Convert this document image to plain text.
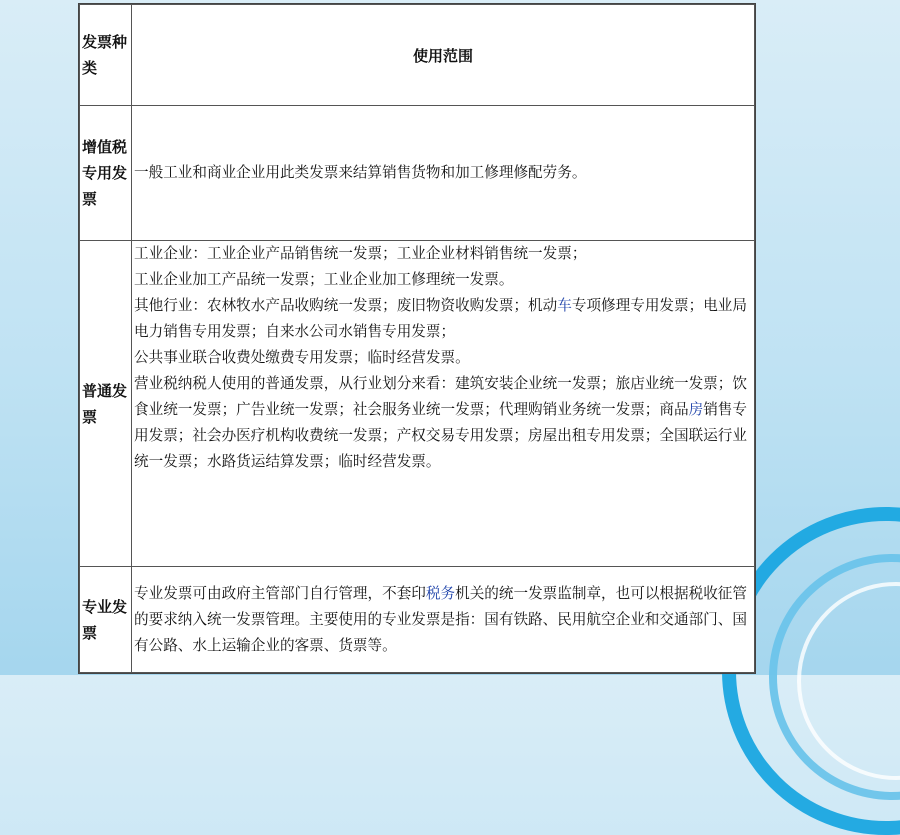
发票种类	使用范围
增值税专用发票	一般工业和商业企业用此类发票来结算销售货物和加工修理修配劳务。
普通发票	工业企业：工业企业产品销售统一发票；工业企业材料销售统一发票；
工业企业加工产品统一发票；工业企业加工修理统一发票。
其他行业：农林牧水产品收购统一发票；废旧物资收购发票；机动车专项修理专用发票；电业局电力销售专用发票；自来水公司水销售专用发票；
公共事业联合收费处缴费专用发票；临时经营发票。
营业税纳税人使用的普通发票，从行业划分来看：建筑安装企业统一发票；旅店业统一发票；饮食业统一发票；广告业统一发票；社会服务业统一发票；代理购销业务统一发票；商品房销售专用发票；社会办医疗机构收费统一发票；产权交易专用发票；房屋出租专用发票；全国联运行业统一发票；水路货运结算发票；临时经营发票。

专业发票	专业发票可由政府主管部门自行管理，不套印税务机关的统一发票监制章，也可以根据税收征管的要求纳入统一发票管理。主要使用的专业发票是指：国有铁路、民用航空企业和交通部门、国有公路、水上运输企业的客票、货票等。
